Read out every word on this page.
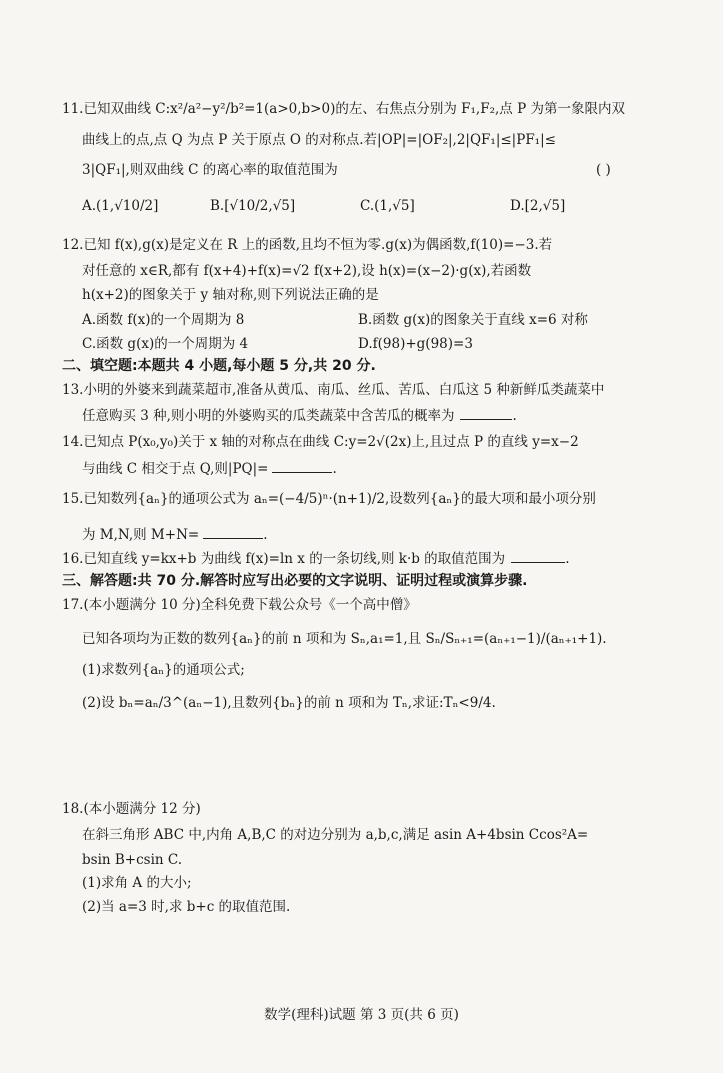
11.已知双曲线 C:x²/a²−y²/b²=1(a>0,b>0)的左、右焦点分别为 F₁,F₂,点 P 为第一象限内双
曲线上的点,点 Q 为点 P 关于原点 O 的对称点.若|OP|=|OF₂|,2|QF₁|≤|PF₁|≤
3|QF₁|,则双曲线 C 的离心率的取值范围为	( )
A.(1,√10/2]	B.[√10/2,√5]	C.(1,√5]	D.[2,√5]
12.已知 f(x),g(x)是定义在 R 上的函数,且均不恒为零.g(x)为偶函数,f(10)=−3.若
对任意的 x∈R,都有 f(x+4)+f(x)=√2 f(x+2),设 h(x)=(x−2)·g(x),若函数
h(x+2)的图象关于 y 轴对称,则下列说法正确的是
A.函数 f(x)的一个周期为 8	B.函数 g(x)的图象关于直线 x=6 对称
C.函数 g(x)的一个周期为 4	D.f(98)+g(98)=3
二、填空题:本题共 4 小题,每小题 5 分,共 20 分.
13.小明的外婆来到蔬菜超市,准备从黄瓜、南瓜、丝瓜、苦瓜、白瓜这 5 种新鲜瓜类蔬菜中
任意购买 3 种,则小明的外婆购买的瓜类蔬菜中含苦瓜的概率为	.
14.已知点 P(x₀,y₀)关于 x 轴的对称点在曲线 C:y=2√(2x)上,且过点 P 的直线 y=x−2
与曲线 C 相交于点 Q,则|PQ|=	.
15.已知数列{aₙ}的通项公式为 aₙ=(−4/5)ⁿ·(n+1)/2,设数列{aₙ}的最大项和最小项分别
为 M,N,则 M+N=	.
16.已知直线 y=kx+b 为曲线 f(x)=ln x 的一条切线,则 k·b 的取值范围为	.
三、解答题:共 70 分.解答时应写出必要的文字说明、证明过程或演算步骤.
17.(本小题满分 10 分)全科免费下载公众号《一个高中僧》
已知各项均为正数的数列{aₙ}的前 n 项和为 Sₙ,a₁=1,且 Sₙ/Sₙ₊₁=(aₙ₊₁−1)/(aₙ₊₁+1).
(1)求数列{aₙ}的通项公式;
(2)设 bₙ=aₙ/3^(aₙ−1),且数列{bₙ}的前 n 项和为 Tₙ,求证:Tₙ<9/4.
18.(本小题满分 12 分)
在斜三角形 ABC 中,内角 A,B,C 的对边分别为 a,b,c,满足 asin A+4bsin Ccos²A=
bsin B+csin C.
(1)求角 A 的大小;
(2)当 a=3 时,求 b+c 的取值范围.
数学(理科)试题 第 3 页(共 6 页)
